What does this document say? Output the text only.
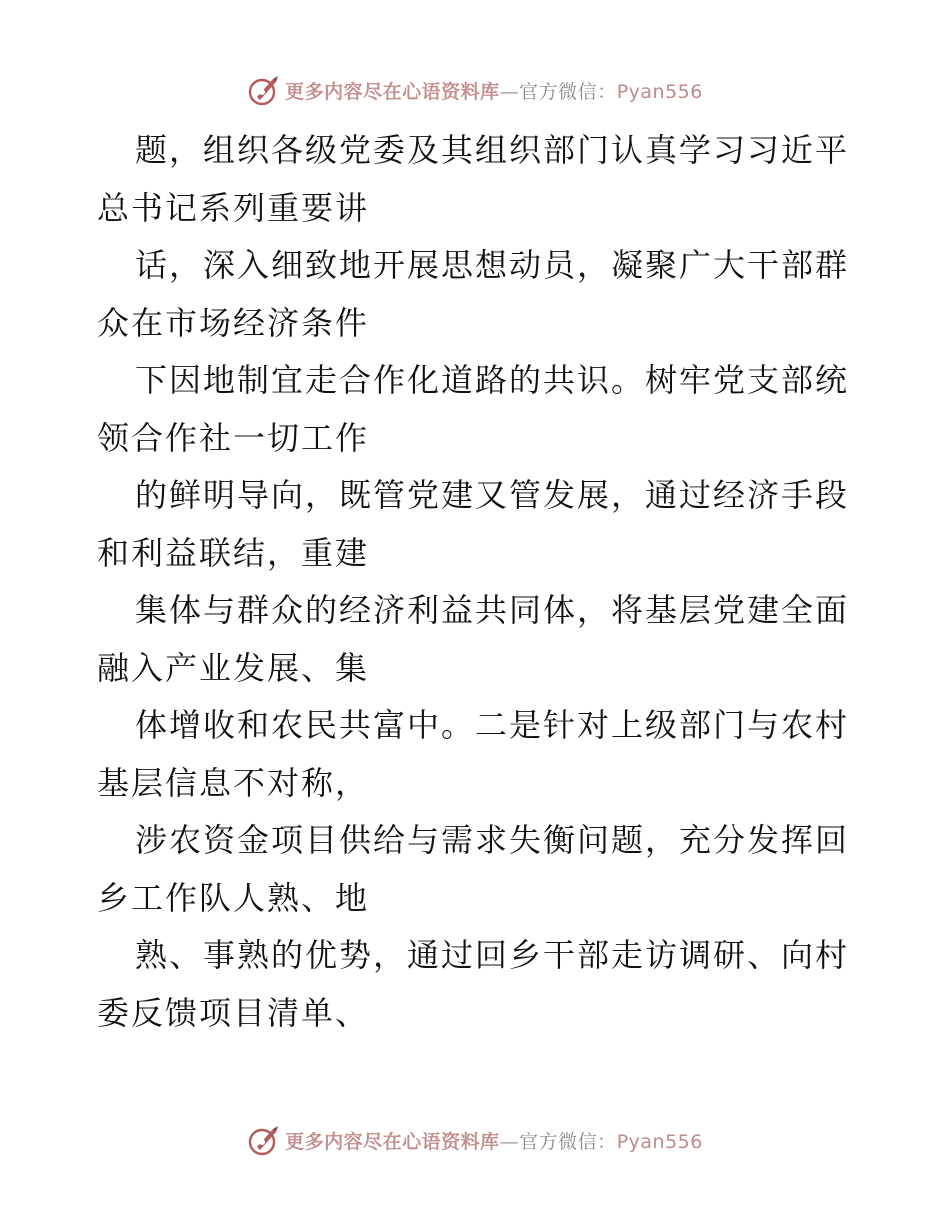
更多内容尽在心语资料库—官方微信：Pyan556
题，组织各级党委及其组织部门认真学习习近平
总书记系列重要讲
话，深入细致地开展思想动员，凝聚广大干部群
众在市场经济条件
下因地制宜走合作化道路的共识。树牢党支部统
领合作社一切工作
的鲜明导向，既管党建又管发展，通过经济手段
和利益联结，重建
集体与群众的经济利益共同体，将基层党建全面
融入产业发展、集
体增收和农民共富中。二是针对上级部门与农村
基层信息不对称，
涉农资金项目供给与需求失衡问题，充分发挥回
乡工作队人熟、地
熟、事熟的优势，通过回乡干部走访调研、向村
委反馈项目清单、
更多内容尽在心语资料库—官方微信：Pyan556
